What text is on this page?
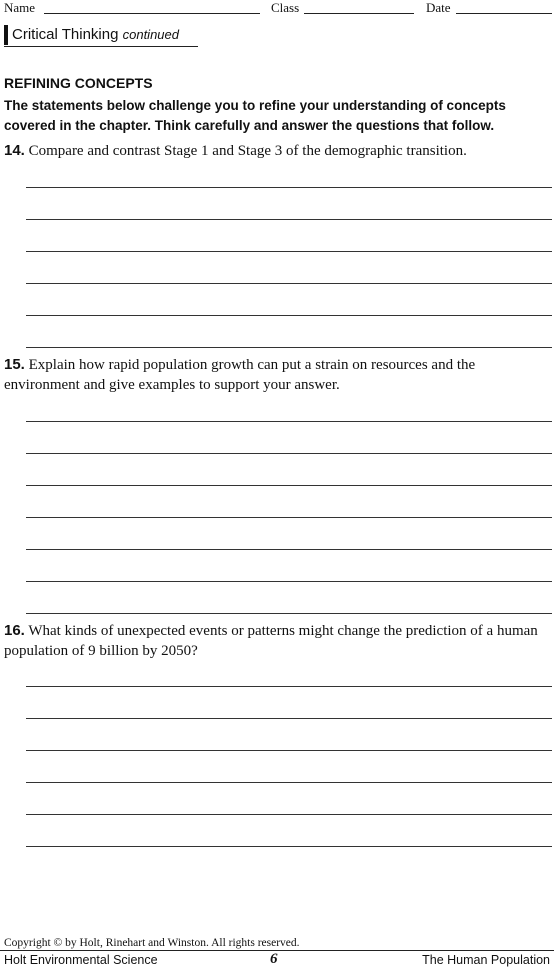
Name	Class	Date
Critical Thinking continued
REFINING CONCEPTS
The statements below challenge you to refine your understanding of concepts covered in the chapter. Think carefully and answer the questions that follow.
14. Compare and contrast Stage 1 and Stage 3 of the demographic transition.
15. Explain how rapid population growth can put a strain on resources and the environment and give examples to support your answer.
16. What kinds of unexpected events or patterns might change the prediction of a human population of 9 billion by 2050?
Copyright © by Holt, Rinehart and Winston. All rights reserved.
Holt Environmental Science	6	The Human Population
